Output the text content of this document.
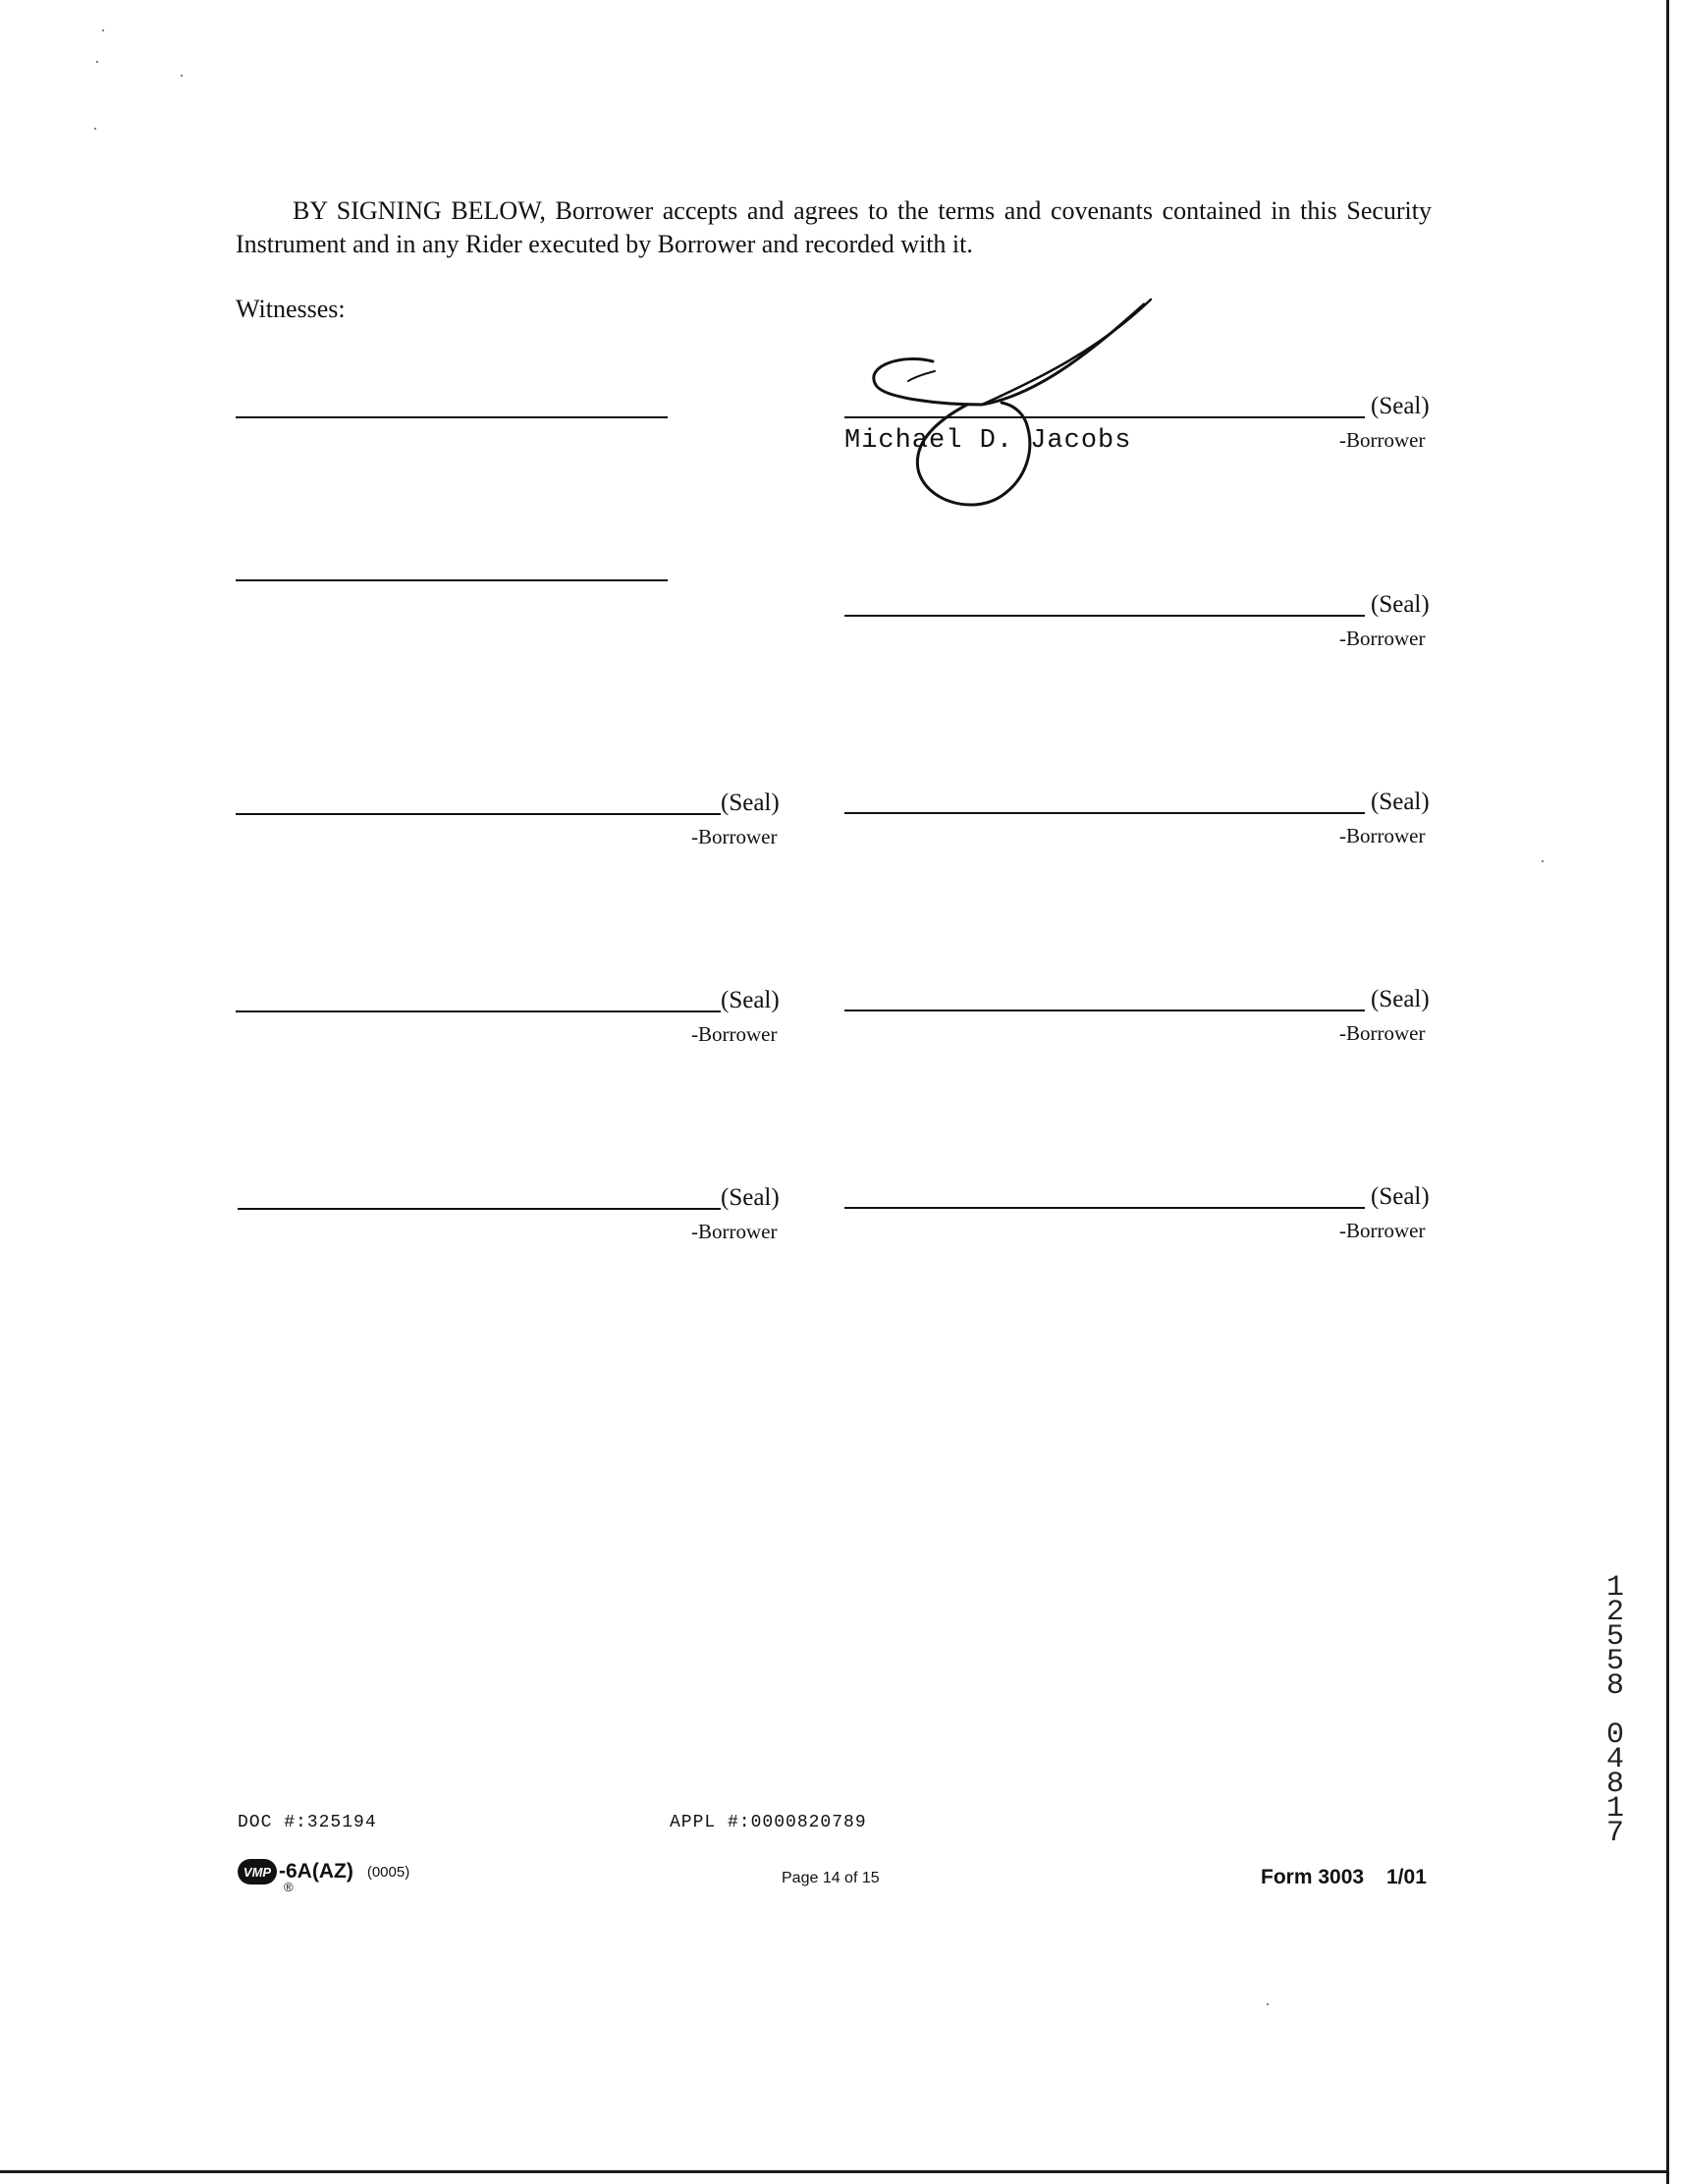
BY SIGNING BELOW, Borrower accepts and agrees to the terms and covenants contained in this Security Instrument and in any Rider executed by Borrower and recorded with it.
Witnesses:
(Seal)
-Borrower
Michael D. Jacobs
(Seal)
-Borrower
(Seal)
-Borrower
(Seal)
-Borrower
(Seal)
-Borrower
(Seal)
-Borrower
(Seal)
-Borrower
(Seal)
-Borrower
DOC #:325194	APPL #:0000820789
VMP -6A(AZ) (0005)
®
Page 14 of 15	Form 3003 1/01
1
2
5
5
8
0
4
8
1
7
